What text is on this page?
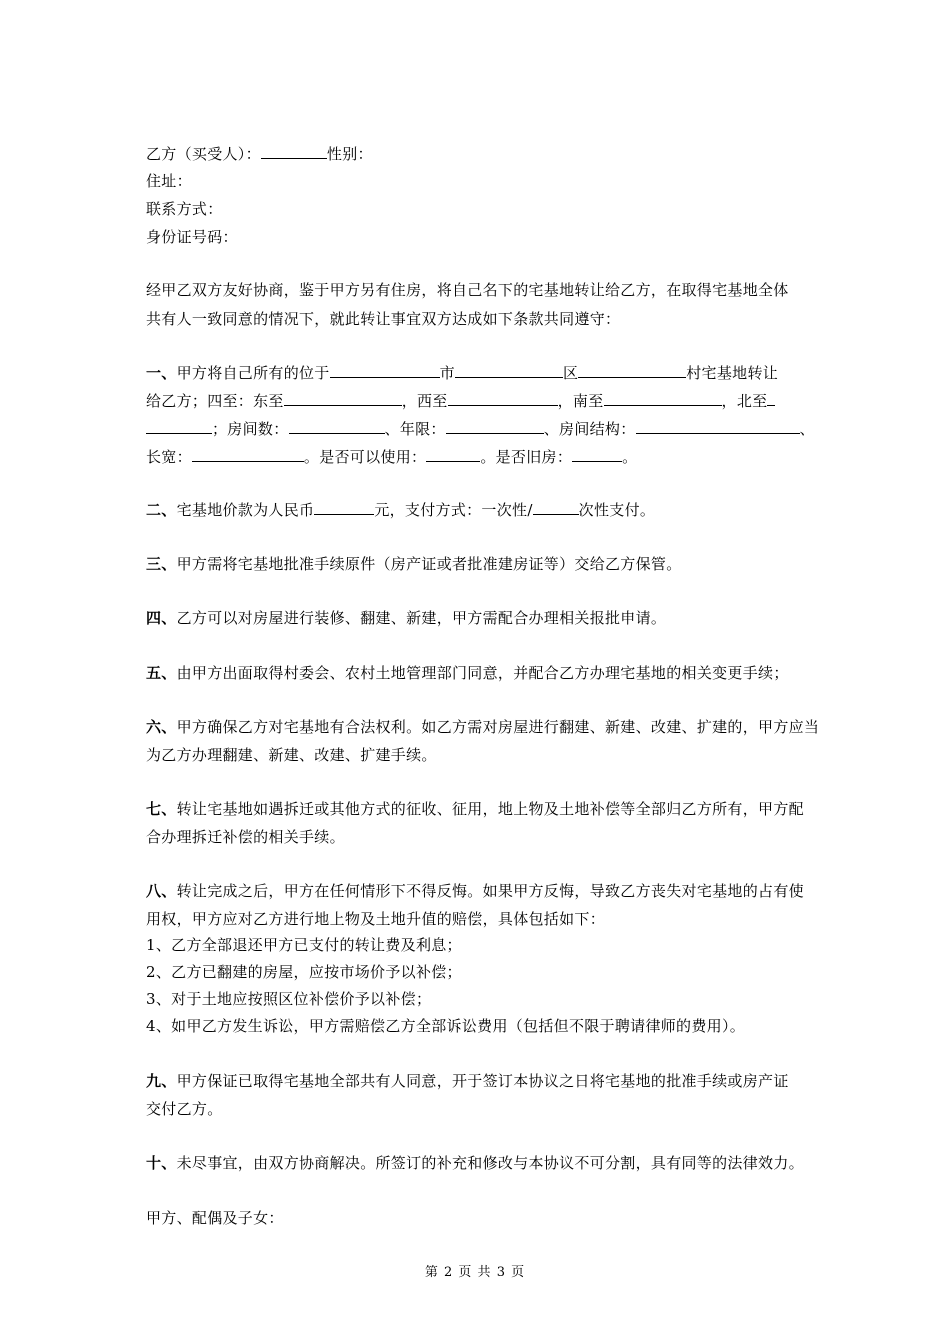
乙方（买受人）：	性别：
住址：
联系方式：
身份证号码：
经甲乙双方友好协商，鉴于甲方另有住房，将自己名下的宅基地转让给乙方，在取得宅基地全体
共有人一致同意的情况下，就此转让事宜双方达成如下条款共同遵守：
一、甲方将自己所有的位于	市	区	村宅基地转让
给乙方；四至：东至	，西至	，南至	，北至
；房间数：	、年限：	、房间结构：	、
长宽：	。是否可以使用：	。是否旧房：	。
二、宅基地价款为人民币	元，支付方式：一次性/	次性支付。
三、甲方需将宅基地批准手续原件（房产证或者批准建房证等）交给乙方保管。
四、乙方可以对房屋进行装修、翻建、新建，甲方需配合办理相关报批申请。
五、由甲方出面取得村委会、农村土地管理部门同意，并配合乙方办理宅基地的相关变更手续；
六、甲方确保乙方对宅基地有合法权利。如乙方需对房屋进行翻建、新建、改建、扩建的，甲方应当
为乙方办理翻建、新建、改建、扩建手续。
七、转让宅基地如遇拆迁或其他方式的征收、征用，地上物及土地补偿等全部归乙方所有，甲方配
合办理拆迁补偿的相关手续。
八、转让完成之后，甲方在任何情形下不得反悔。如果甲方反悔，导致乙方丧失对宅基地的占有使
用权，甲方应对乙方进行地上物及土地升值的赔偿，具体包括如下：
1、乙方全部退还甲方已支付的转让费及利息；
2、乙方已翻建的房屋，应按市场价予以补偿；
3、对于土地应按照区位补偿价予以补偿；
4、如甲乙方发生诉讼，甲方需赔偿乙方全部诉讼费用（包括但不限于聘请律师的费用）。
九、甲方保证已取得宅基地全部共有人同意，开于签订本协议之日将宅基地的批准手续或房产证
交付乙方。
十、未尽事宜，由双方协商解决。所签订的补充和修改与本协议不可分割，具有同等的法律效力。
甲方、配偶及子女：
第 2 页 共 3 页
